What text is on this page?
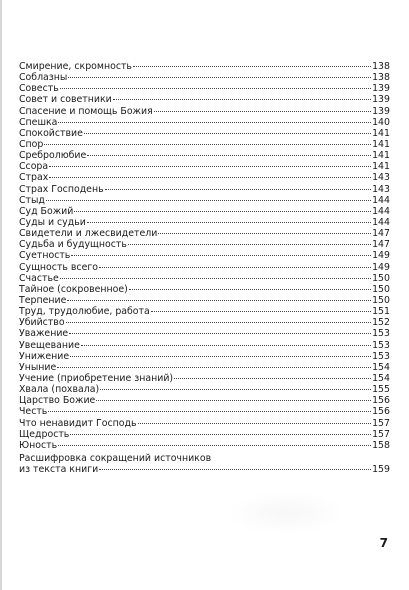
Смирение, скромность	138
Соблазны	138
Совесть	139
Совет и советники	139
Спасение и помощь Божия	139
Спешка	140
Спокойствие	141
Спор	141
Сребролюбие	141
Ссора	141
Страх	143
Страх Господень	143
Стыд	144
Суд Божий	144
Суды и судьи	144
Свидетели и лжесвидетели	147
Судьба и будущность	147
Суетность	149
Сущность всего	149
Счастье	150
Тайное (сокровенное)	150
Терпение	150
Труд, трудолюбие, работа	151
Убийство	152
Уважение	153
Увещевание	153
Унижение	153
Уныние	154
Учение (приобретение знаний)	154
Хвала (похвала)	155
Царство Божие	156
Честь	156
Что ненавидит Господь	157
Щедрость	157
Юность	158
Расшифровка сокращений источников
из текста книги	159
7
